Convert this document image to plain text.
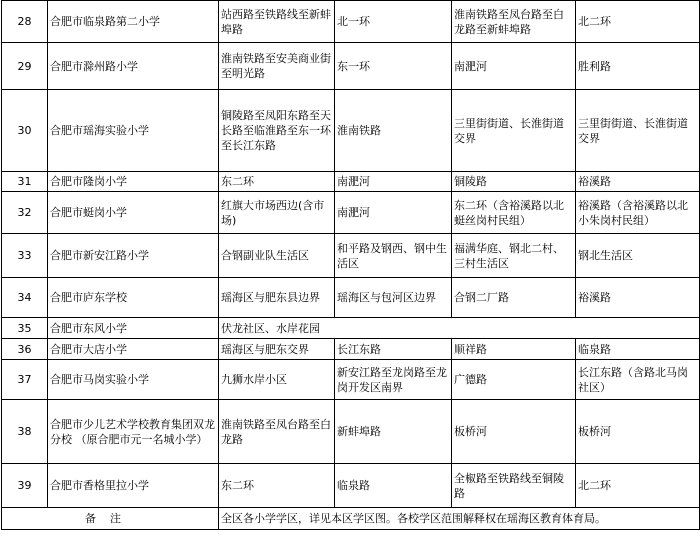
28	合肥市临泉路第二小学	站西路至铁路线至新蚌埠路	北一环	淮南铁路至凤台路至白龙路至新蚌埠路	北二环
29	合肥市滁州路小学	淮南铁路至安美商业街至明光路	东一环	南淝河	胜利路
30	合肥市瑶海实验小学	铜陵路至凤阳东路至天长路至临淮路至东一环至长江东路	淮南铁路	三里街街道、长淮街道交界	三里街街道、长淮街道交界
31	合肥市隆岗小学	东二环	南淝河	铜陵路	裕溪路
32	合肥市蜓岗小学	红旗大市场西边(含市场)	南淝河	东二环（含裕溪路以北蜓丝岗村民组）	裕溪路（含裕溪路以北小朱岗村民组）
33	合肥市新安江路小学	合钢副业队生活区	和平路及钢西、钢中生活区	福满华庭、钢北二村、三村生活区	钢北生活区
34	合肥市庐东学校	瑶海区与肥东县边界	瑶海区与包河区边界	合钢二厂路	裕溪路
35	合肥市东风小学	伏龙社区、水岸花园			
36	合肥市大店小学	瑶海区与肥东交界	长江东路	顺祥路	临泉路
37	合肥市马岗实验小学	九狮水岸小区	新安江路至龙岗路至龙岗开发区南界	广德路	长江东路（含路北马岗社区）
38	合肥市少儿艺术学校教育集团双龙分校 （原合肥市元一名城小学）	淮南铁路至凤台路至白龙路	新蚌埠路	板桥河	板桥河
39	合肥市香格里拉小学	东二环	临泉路	全椒路至铁路线至铜陵路	北二环
备注		全区各小学学区，详见本区学区图。各校学区范围解释权在瑶海区教育体育局。			
